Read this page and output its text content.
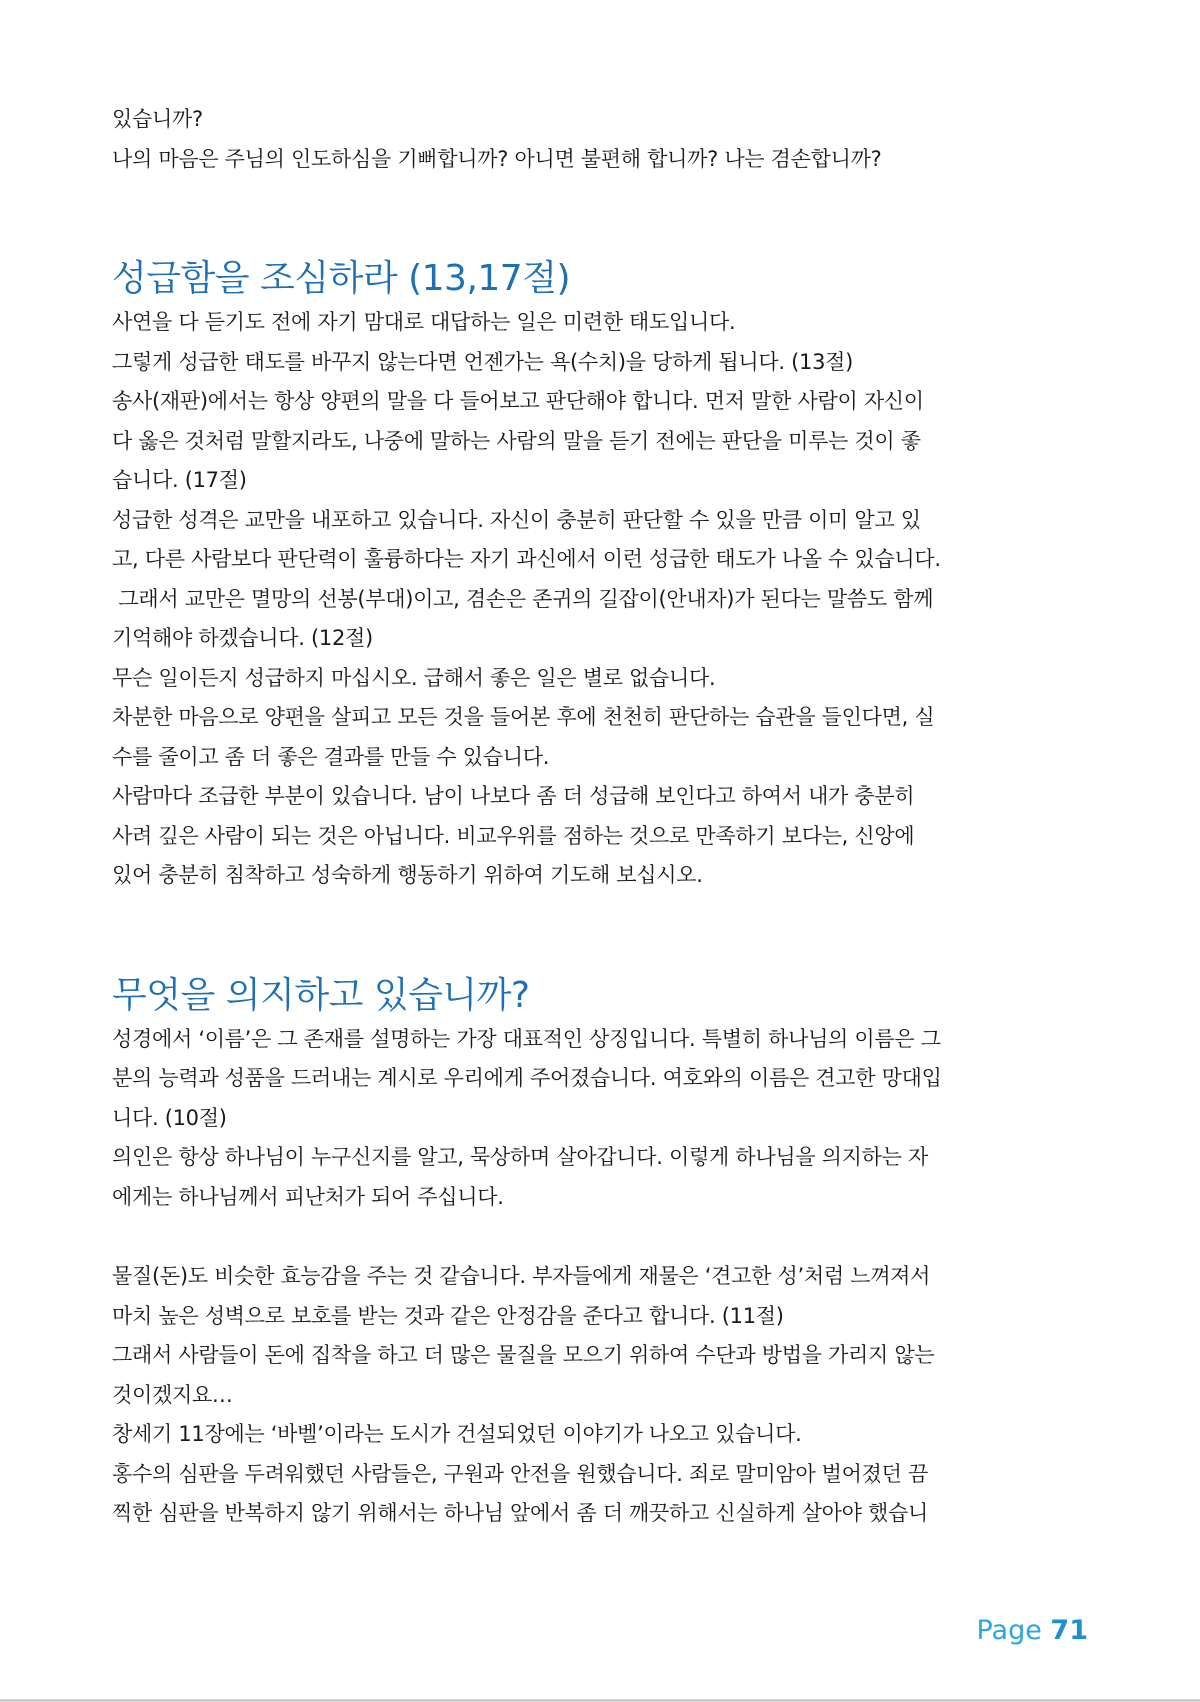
있습니까?
나의 마음은 주님의 인도하심을 기뻐합니까? 아니면 불편해 합니까? 나는 겸손합니까?
성급함을 조심하라 (13,17절)
사연을 다 듣기도 전에 자기 맘대로 대답하는 일은 미련한 태도입니다.
그렇게 성급한 태도를 바꾸지 않는다면 언젠가는 욕(수치)을 당하게 됩니다. (13절)
송사(재판)에서는 항상 양편의 말을 다 들어보고 판단해야 합니다. 먼저 말한 사람이 자신이
다 옳은 것처럼 말할지라도, 나중에 말하는 사람의 말을 듣기 전에는 판단을 미루는 것이 좋
습니다. (17절)
성급한 성격은 교만을 내포하고 있습니다. 자신이 충분히 판단할 수 있을 만큼 이미 알고 있
고, 다른 사람보다 판단력이 훌륭하다는 자기 과신에서 이런 성급한 태도가 나올 수 있습니다.
그래서 교만은 멸망의 선봉(부대)이고, 겸손은 존귀의 길잡이(안내자)가 된다는 말씀도 함께
기억해야 하겠습니다. (12절)
무슨 일이든지 성급하지 마십시오. 급해서 좋은 일은 별로 없습니다.
차분한 마음으로 양편을 살피고 모든 것을 들어본 후에 천천히 판단하는 습관을 들인다면, 실
수를 줄이고 좀 더 좋은 결과를 만들 수 있습니다.
사람마다 조급한 부분이 있습니다. 남이 나보다 좀 더 성급해 보인다고 하여서 내가 충분히
사려 깊은 사람이 되는 것은 아닙니다. 비교우위를 점하는 것으로 만족하기 보다는, 신앙에
있어 충분히 침착하고 성숙하게 행동하기 위하여 기도해 보십시오.
무엇을 의지하고 있습니까?
성경에서 ‘이름’은 그 존재를 설명하는 가장 대표적인 상징입니다. 특별히 하나님의 이름은 그
분의 능력과 성품을 드러내는 계시로 우리에게 주어졌습니다. 여호와의 이름은 견고한 망대입
니다. (10절)
의인은 항상 하나님이 누구신지를 알고, 묵상하며 살아갑니다. 이렇게 하나님을 의지하는 자
에게는 하나님께서 피난처가 되어 주십니다.
물질(돈)도 비슷한 효능감을 주는 것 같습니다. 부자들에게 재물은 ‘견고한 성’처럼 느껴져서
마치 높은 성벽으로 보호를 받는 것과 같은 안정감을 준다고 합니다. (11절)
그래서 사람들이 돈에 집착을 하고 더 많은 물질을 모으기 위하여 수단과 방법을 가리지 않는
것이겠지요…
창세기 11장에는 ‘바벨’이라는 도시가 건설되었던 이야기가 나오고 있습니다.
홍수의 심판을 두려워했던 사람들은, 구원과 안전을 원했습니다. 죄로 말미암아 벌어졌던 끔
찍한 심판을 반복하지 않기 위해서는 하나님 앞에서 좀 더 깨끗하고 신실하게 살아야 했습니
Page 71
